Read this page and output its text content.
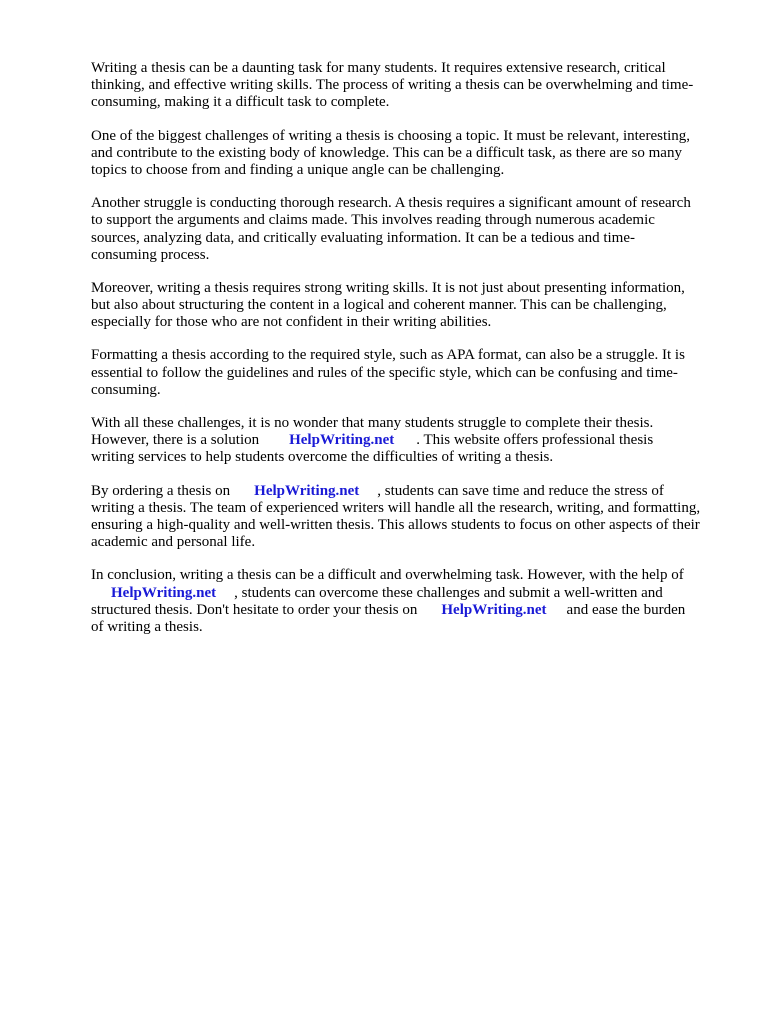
Writing a thesis can be a daunting task for many students. It requires extensive research, critical
thinking, and effective writing skills. The process of writing a thesis can be overwhelming and time-
consuming, making it a difficult task to complete.

One of the biggest challenges of writing a thesis is choosing a topic. It must be relevant, interesting,
and contribute to the existing body of knowledge. This can be a difficult task, as there are so many
topics to choose from and finding a unique angle can be challenging.

Another struggle is conducting thorough research. A thesis requires a significant amount of research
to support the arguments and claims made. This involves reading through numerous academic
sources, analyzing data, and critically evaluating information. It can be a tedious and time-
consuming process.

Moreover, writing a thesis requires strong writing skills. It is not just about presenting information,
but also about structuring the content in a logical and coherent manner. This can be challenging,
especially for those who are not confident in their writing abilities.

Formatting a thesis according to the required style, such as APA format, can also be a struggle. It is
essential to follow the guidelines and rules of the specific style, which can be confusing and time-
consuming.

With all these challenges, it is no wonder that many students struggle to complete their thesis.
However, there is a solution HelpWriting.net . This website offers professional thesis
writing services to help students overcome the difficulties of writing a thesis.

By ordering a thesis on HelpWriting.net , students can save time and reduce the stress of
writing a thesis. The team of experienced writers will handle all the research, writing, and formatting,
ensuring a high-quality and well-written thesis. This allows students to focus on other aspects of their
academic and personal life.

In conclusion, writing a thesis can be a difficult and overwhelming task. However, with the help of
HelpWriting.net , students can overcome these challenges and submit a well-written and
structured thesis. Don't hesitate to order your thesis on HelpWriting.net and ease the burden
of writing a thesis.
